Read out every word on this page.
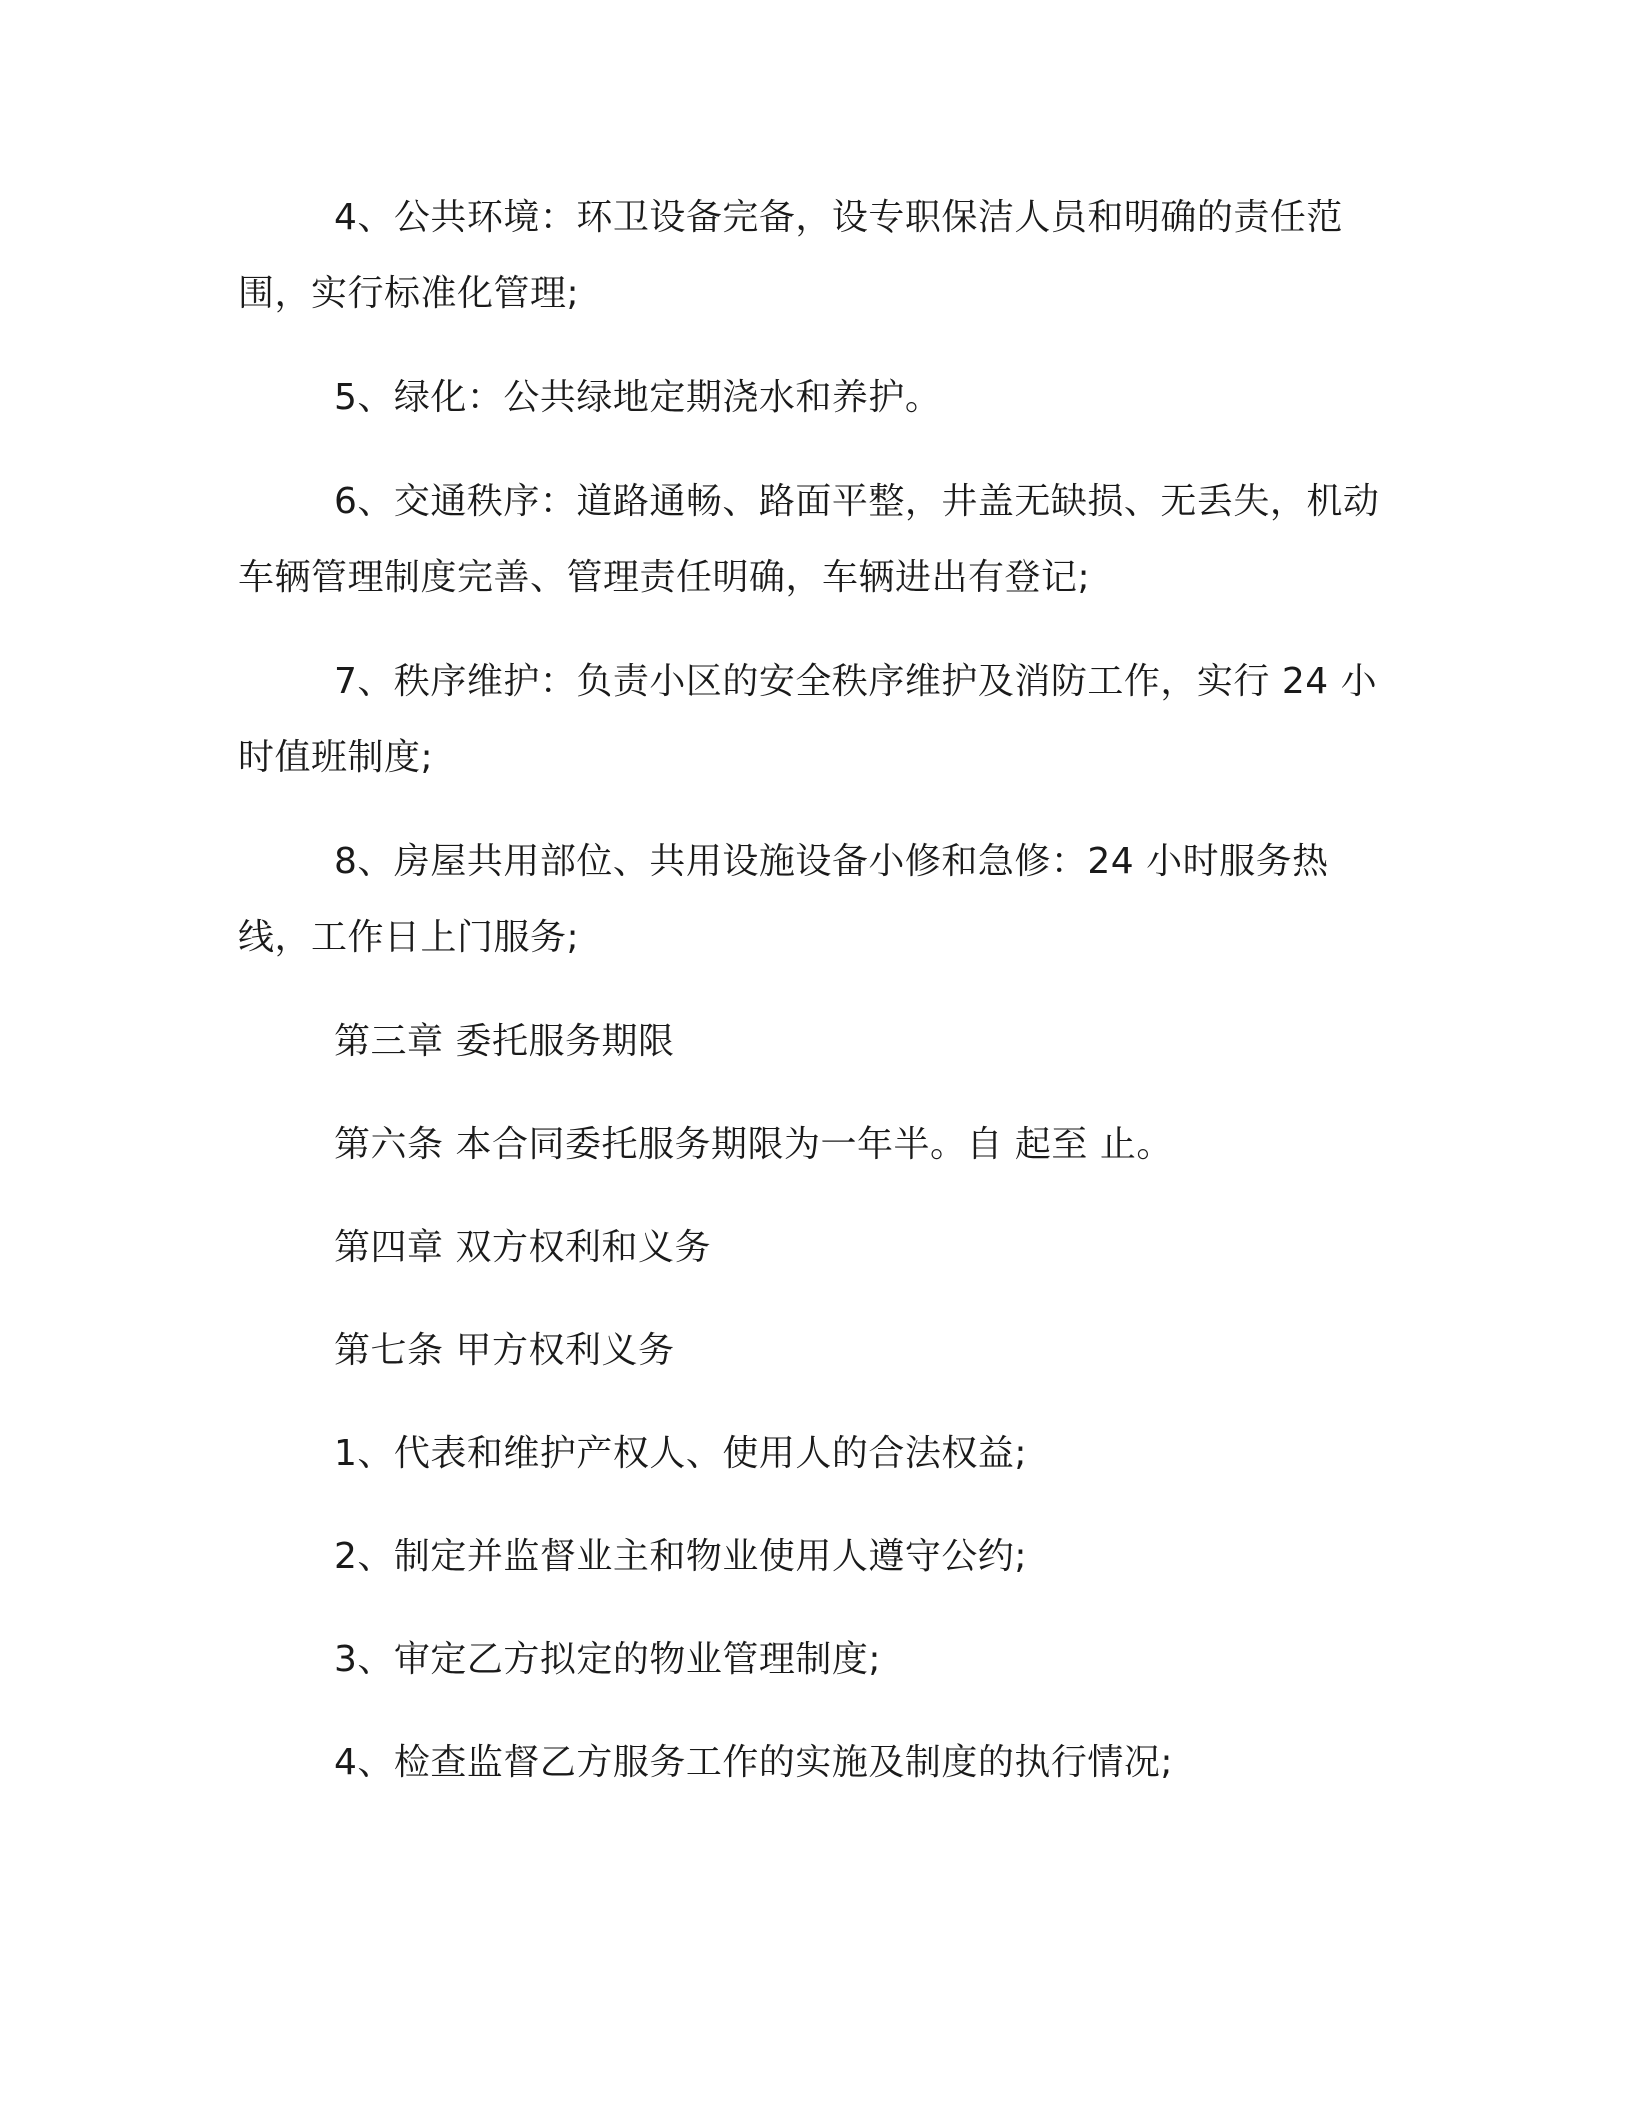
4、公共环境：环卫设备完备，设专职保洁人员和明确的责任范围，实行标准化管理;

5、绿化：公共绿地定期浇水和养护。

6、交通秩序：道路通畅、路面平整，井盖无缺损、无丢失，机动车辆管理制度完善、管理责任明确，车辆进出有登记;

7、秩序维护：负责小区的安全秩序维护及消防工作，实行 24 小时值班制度;

8、房屋共用部位、共用设施设备小修和急修：24 小时服务热线，工作日上门服务;

第三章 委托服务期限

第六条 本合同委托服务期限为一年半。自 起至 止。

第四章 双方权利和义务

第七条 甲方权利义务

1、代表和维护产权人、使用人的合法权益;

2、制定并监督业主和物业使用人遵守公约;

3、审定乙方拟定的物业管理制度;

4、检查监督乙方服务工作的实施及制度的执行情况;
